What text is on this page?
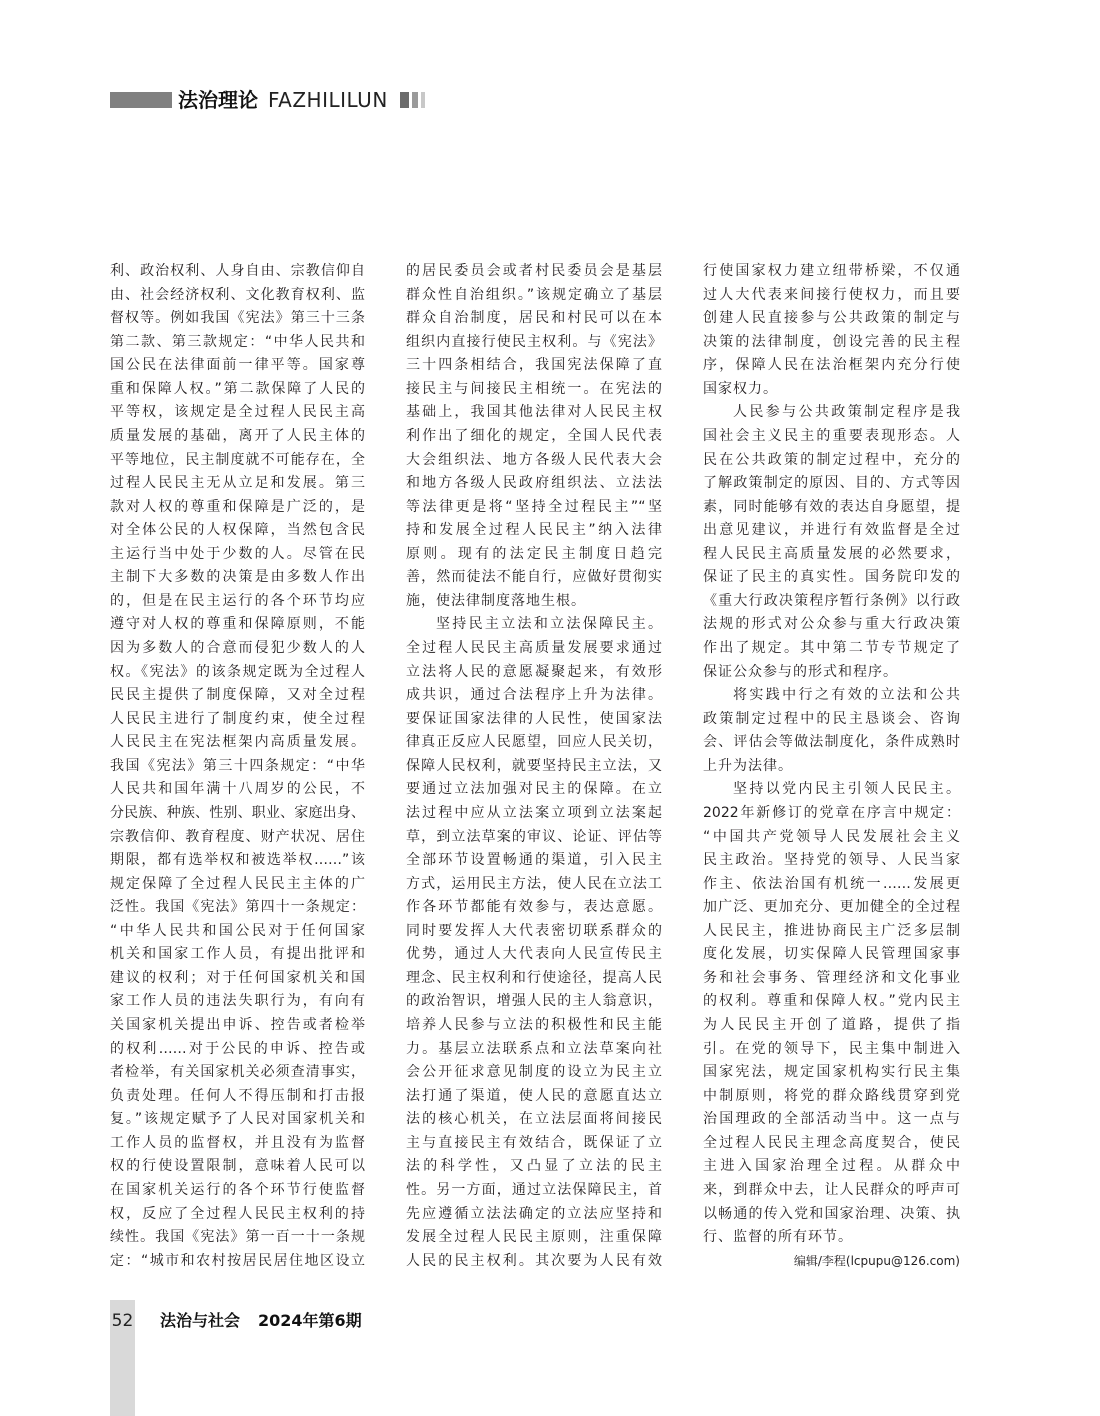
法治理论 FAZHILILUN
利、政治权利、人身自由、宗教信仰自
由、社会经济权利、文化教育权利、监
督权等。例如我国《宪法》第三十三条
第二款、第三款规定：“中华人民共和
国公民在法律面前一律平等。国家尊
重和保障人权。”第二款保障了人民的
平等权，该规定是全过程人民民主高
质量发展的基础，离开了人民主体的
平等地位，民主制度就不可能存在，全
过程人民民主无从立足和发展。第三
款对人权的尊重和保障是广泛的，是
对全体公民的人权保障，当然包含民
主运行当中处于少数的人。尽管在民
主制下大多数的决策是由多数人作出
的，但是在民主运行的各个环节均应
遵守对人权的尊重和保障原则，不能
因为多数人的合意而侵犯少数人的人
权。《宪法》的该条规定既为全过程人
民民主提供了制度保障，又对全过程
人民民主进行了制度约束，使全过程
人民民主在宪法框架内高质量发展。
我国《宪法》第三十四条规定：“中华
人民共和国年满十八周岁的公民，不
分民族、种族、性别、职业、家庭出身、
宗教信仰、教育程度、财产状况、居住
期限，都有选举权和被选举权……”该
规定保障了全过程人民民主主体的广
泛性。我国《宪法》第四十一条规定：
“中华人民共和国公民对于任何国家
机关和国家工作人员，有提出批评和
建议的权利；对于任何国家机关和国
家工作人员的违法失职行为，有向有
关国家机关提出申诉、控告或者检举
的权利……对于公民的申诉、控告或
者检举，有关国家机关必须查清事实，
负责处理。任何人不得压制和打击报
复。”该规定赋予了人民对国家机关和
工作人员的监督权，并且没有为监督
权的行使设置限制，意味着人民可以
在国家机关运行的各个环节行使监督
权，反应了全过程人民民主权利的持
续性。我国《宪法》第一百一十一条规
定：“城市和农村按居民居住地区设立
的居民委员会或者村民委员会是基层
群众性自治组织。”该规定确立了基层
群众自治制度，居民和村民可以在本
组织内直接行使民主权利。与《宪法》
三十四条相结合，我国宪法保障了直
接民主与间接民主相统一。在宪法的
基础上，我国其他法律对人民民主权
利作出了细化的规定，全国人民代表
大会组织法、地方各级人民代表大会
和地方各级人民政府组织法、立法法
等法律更是将“坚持全过程民主”“坚
持和发展全过程人民民主”纳入法律
原则。现有的法定民主制度日趋完
善，然而徒法不能自行，应做好贯彻实
施，使法律制度落地生根。
坚持民主立法和立法保障民主。
全过程人民民主高质量发展要求通过
立法将人民的意愿凝聚起来，有效形
成共识，通过合法程序上升为法律。
要保证国家法律的人民性，使国家法
律真正反应人民愿望，回应人民关切，
保障人民权利，就要坚持民主立法，又
要通过立法加强对民主的保障。在立
法过程中应从立法案立项到立法案起
草，到立法草案的审议、论证、评估等
全部环节设置畅通的渠道，引入民主
方式，运用民主方法，使人民在立法工
作各环节都能有效参与，表达意愿。
同时要发挥人大代表密切联系群众的
优势，通过人大代表向人民宣传民主
理念、民主权利和行使途径，提高人民
的政治智识，增强人民的主人翁意识，
培养人民参与立法的积极性和民主能
力。基层立法联系点和立法草案向社
会公开征求意见制度的设立为民主立
法打通了渠道，使人民的意愿直达立
法的核心机关，在立法层面将间接民
主与直接民主有效结合，既保证了立
法的科学性，又凸显了立法的民主
性。另一方面，通过立法保障民主，首
先应遵循立法法确定的立法应坚持和
发展全过程人民民主原则，注重保障
人民的民主权利。其次要为人民有效
行使国家权力建立纽带桥梁，不仅通
过人大代表来间接行使权力，而且要
创建人民直接参与公共政策的制定与
决策的法律制度，创设完善的民主程
序，保障人民在法治框架内充分行使
国家权力。
人民参与公共政策制定程序是我
国社会主义民主的重要表现形态。人
民在公共政策的制定过程中，充分的
了解政策制定的原因、目的、方式等因
素，同时能够有效的表达自身愿望，提
出意见建议，并进行有效监督是全过
程人民民主高质量发展的必然要求，
保证了民主的真实性。国务院印发的
《重大行政决策程序暂行条例》以行政
法规的形式对公众参与重大行政决策
作出了规定。其中第二节专节规定了
保证公众参与的形式和程序。
将实践中行之有效的立法和公共
政策制定过程中的民主恳谈会、咨询
会、评估会等做法制度化，条件成熟时
上升为法律。
坚持以党内民主引领人民民主。
2022年新修订的党章在序言中规定：
“中国共产党领导人民发展社会主义
民主政治。坚持党的领导、人民当家
作主、依法治国有机统一……发展更
加广泛、更加充分、更加健全的全过程
人民民主，推进协商民主广泛多层制
度化发展，切实保障人民管理国家事
务和社会事务、管理经济和文化事业
的权利。尊重和保障人权。”党内民主
为人民民主开创了道路，提供了指
引。在党的领导下，民主集中制进入
国家宪法，规定国家机构实行民主集
中制原则，将党的群众路线贯穿到党
治国理政的全部活动当中。这一点与
全过程人民民主理念高度契合，使民
主进入国家治理全过程。从群众中
来，到群众中去，让人民群众的呼声可
以畅通的传入党和国家治理、决策、执
行、监督的所有环节。
编辑/李程(lcpupu@126.com)
52 法治与社会 2024年第6期
